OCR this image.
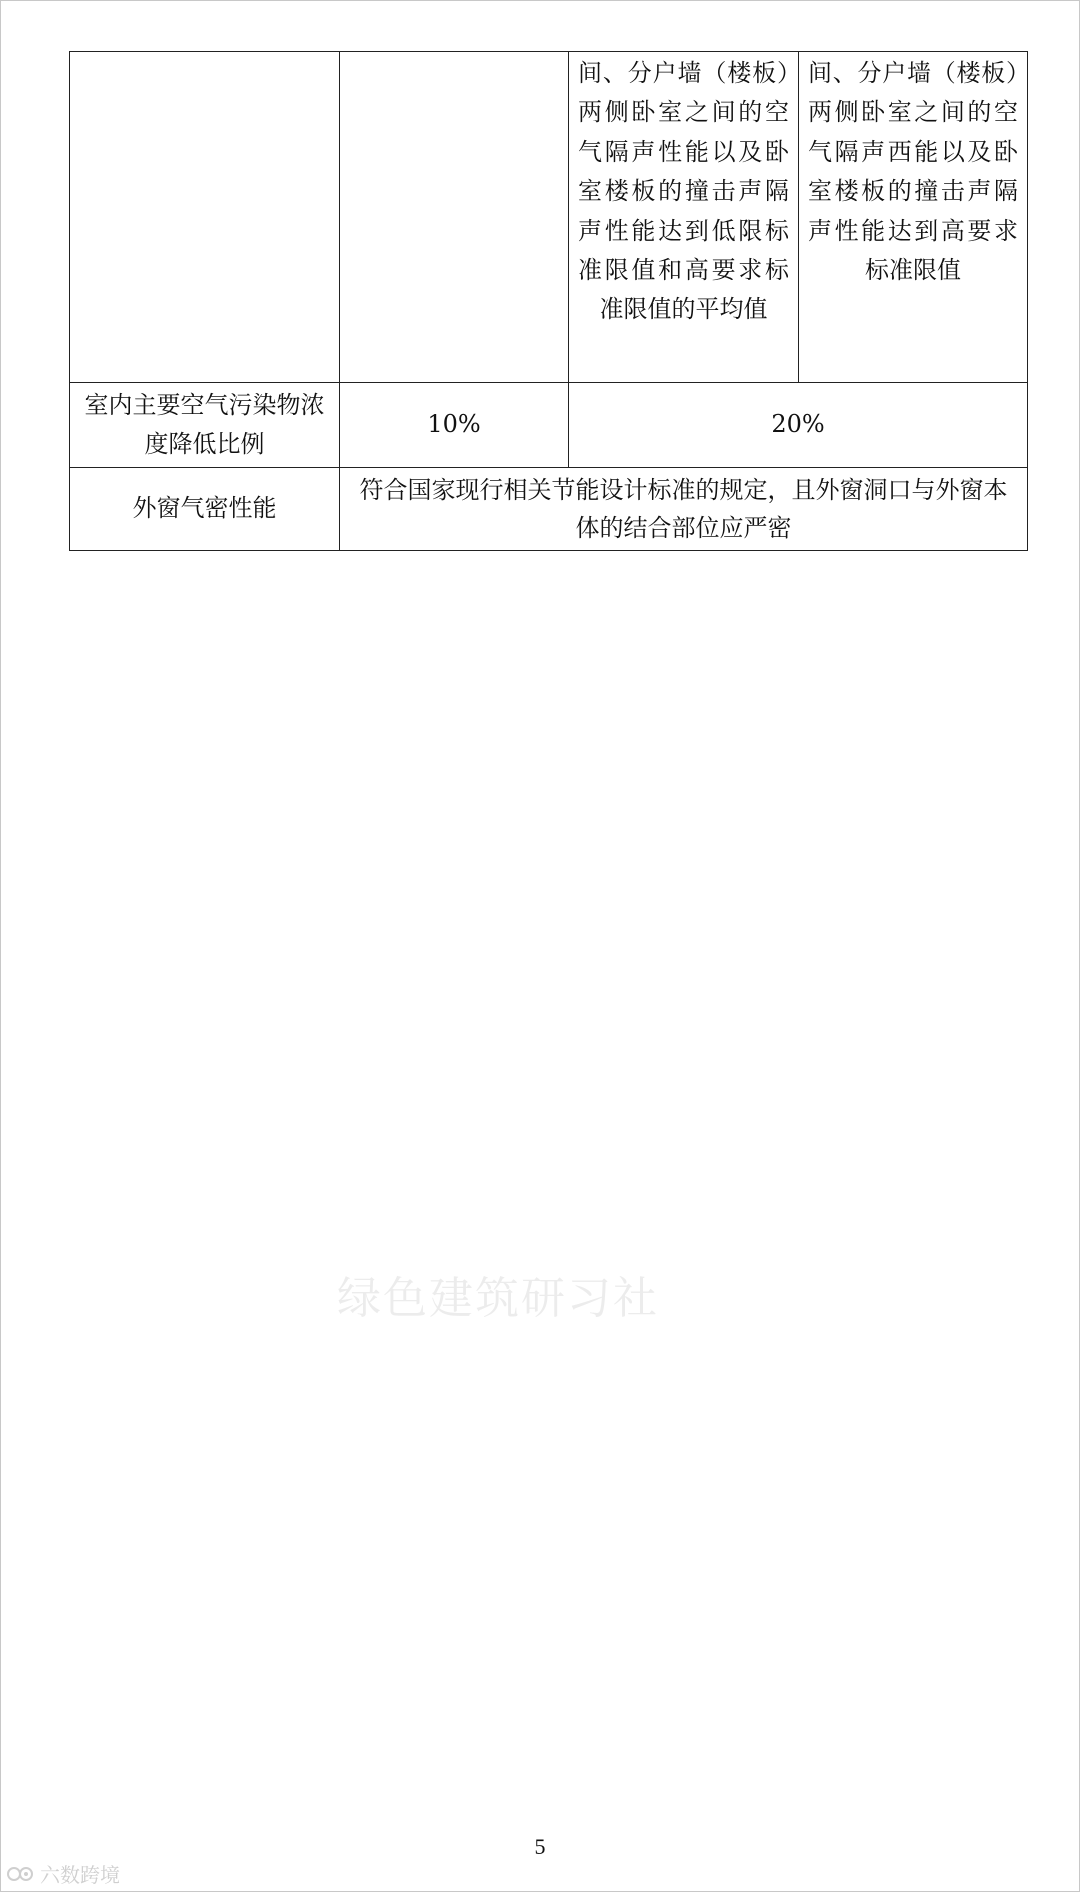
		间、分户墙（楼板）两侧卧室之间的空气隔声性能以及卧室楼板的撞击声隔声性能达到低限标准限值和高要求标准限值的平均值	间、分户墙（楼板）两侧卧室之间的空气隔声西能以及卧室楼板的撞击声隔声性能达到高要求标准限值

室内主要空气污染物浓度降低比例	10%	20%	
外窗气密性能	符合国家现行相关节能设计标准的规定，且外窗洞口与外窗本体的结合部位应严密		
绿色建筑研习社
5
六数跨境
